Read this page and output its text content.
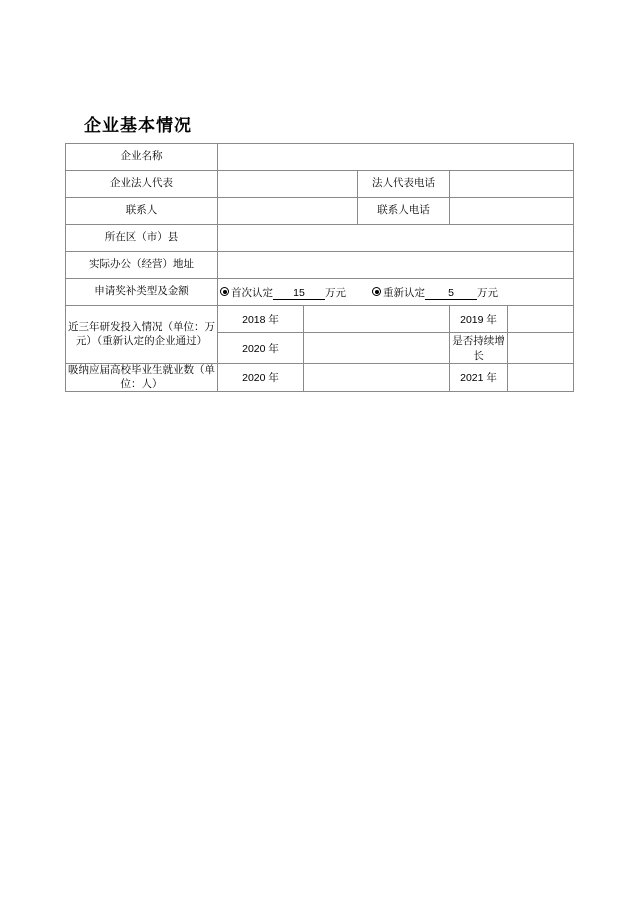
企业基本情况
企业名称					
企业法人代表			法人代表电话		
联系人			联系人电话		
所在区（市）县					
实际办公（经营）地址					
申请奖补类型及金额	首次认定 15 万元 重新认定 5 万元				
近三年研发投入情况（单位：万元）（重新认定的企业通过）	2018 年			2019 年	
	2020 年			是否持续增长	
吸纳应届高校毕业生就业数（单位：人）	2020 年			2021 年	
